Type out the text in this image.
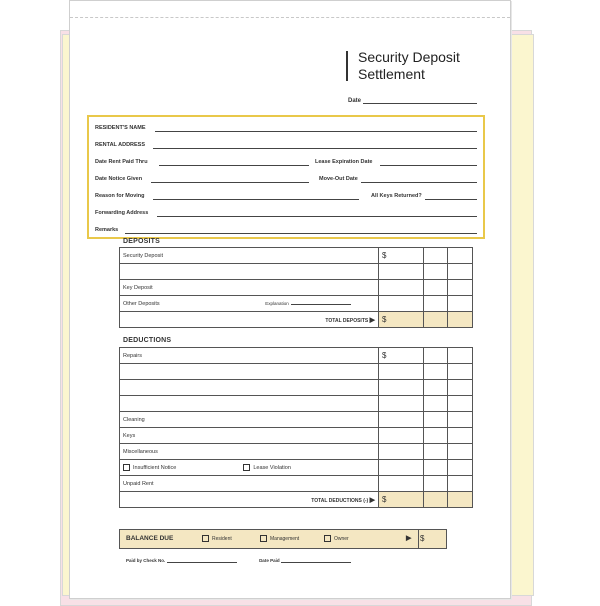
Security Deposit
Settlement
Date
RESIDENT'S NAME
RENTAL ADDRESS
Date Rent Paid Thru	Lease Expiration Date
Date Notice Given	Move-Out Date
Reason for Moving	All Keys Returned?
Forwarding Address
Remarks
DEPOSITS
Security Deposit	$		

Key Deposit			
Other Deposits Explanation			
TOTAL DEPOSITS ▶	$		
DEDUCTIONS
Repairs	$		

Cleaning			
Keys			
Miscellaneous			
Insufficient Notice Lease Violation			
Unpaid Rent			
TOTAL DEDUCTIONS (-) ▶	$		
BALANCE DUE	Resident	Management	Owner	▶ $
Paid by Check No.	Date Paid
